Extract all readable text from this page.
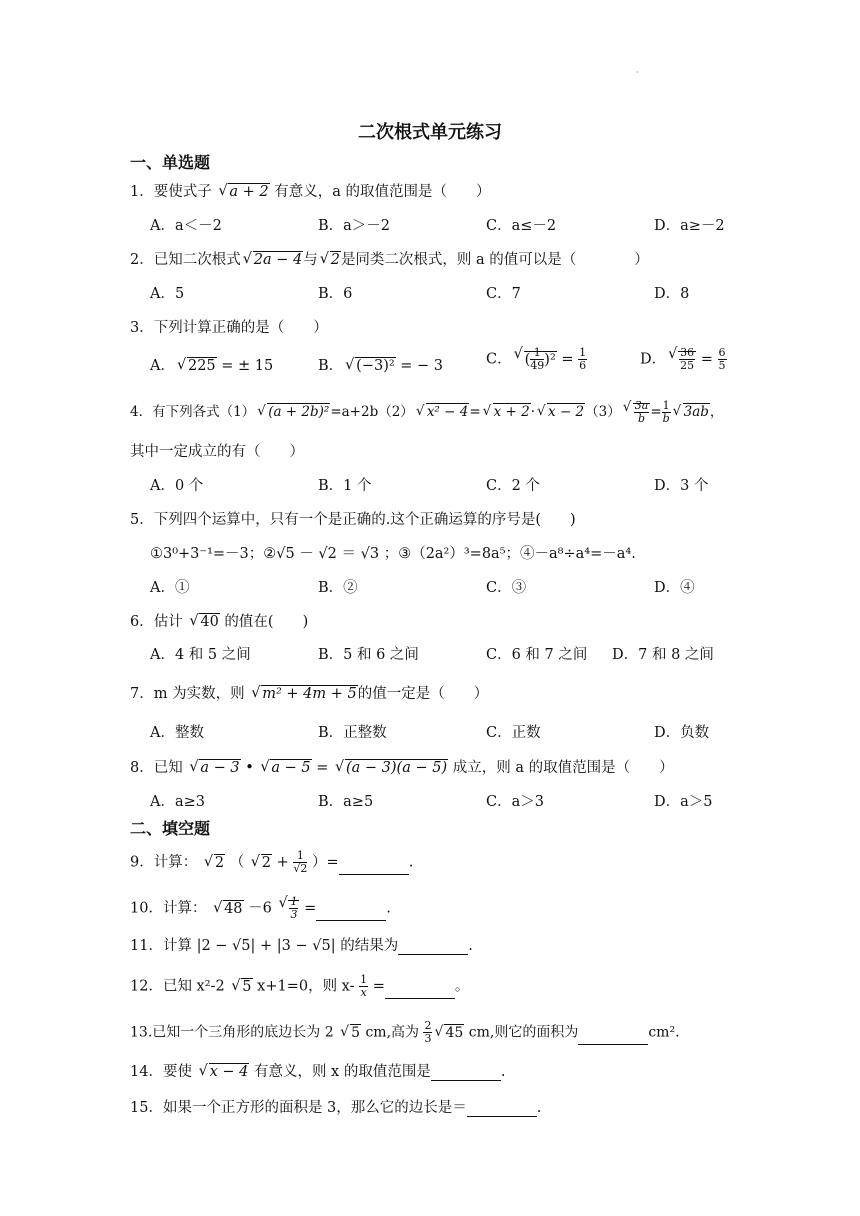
·
二次根式单元练习
一、单选题
1．要使式子 √ a + 2 有意义，a 的取值范围是（　　）
A．a＜－2	B．a＞－2	C．a≤－2	D．a≥－2
2．已知二次根式 √ 2a − 4与 √ 2是同类二次根式，则 a 的值可以是（　　　　）
A．5	B．6	C．7	D．8
3．下列计算正确的是（　　）
A． √ 225 = ± 15	B． √ (−3)² = − 3	C． √ ( $\frac{1}{49} )^2 = \frac{1}{6}$	D． √ $\frac{36}{25} = \frac{6}{5}$
4．有下列各式（1） √ (a + 2b)²=a+2b（2） √ x² − 4= √ x + 2· √ x − 2（3） √ $\frac{3a}{b} = \frac{1}{b}$ √ 3ab，
其中一定成立的有（　　）
A．0 个	B．1 个	C．2 个	D．3 个
5．下列四个运算中，只有一个是正确的.这个正确运算的序号是(　　)
①3⁰+3⁻¹=－3；②√5 － √2 ＝ √3 ；③（2a²）³=8a⁵；④－a⁸÷a⁴=－a⁴.
A．①	B．②	C．③	D．④
6．估计 √ 40 的值在(　　)
A．4 和 5 之间	B．5 和 6 之间	C．6 和 7 之间 D．7 和 8 之间
7．m 为实数，则 √ m² + 4m + 5的值一定是（　　）
A．整数	B．正整数	C．正数	D．负数
8．已知 √ a − 3 • √ a − 5 = √ (a − 3)(a − 5) 成立，则 a 的取值范围是（　　）
A．a≥3	B．a≥5	C．a＞3	D．a＞5
二、填空题
9．计算： √ 2 （ √ $2 + \frac{1}{√2}$ ）=	.
10．计算： √ 48 －6 √ $\frac{1}{3}$ =	.
11．计算 |2 − √5| + |3 − √5| 的结果为	.
12．已知 x²-2 √ 5 x+1=0，则 $x- \frac{1}{x}$ =	。
13.已知一个三角形的底边长为 2 √ 5 cm,高为 $\frac{2}{3}$ √ 45 cm,则它的面积为	cm².
14．要使 √ x − 4 有意义，则 x 的取值范围是	.
15．如果一个正方形的面积是 3，那么它的边长是＝	.
